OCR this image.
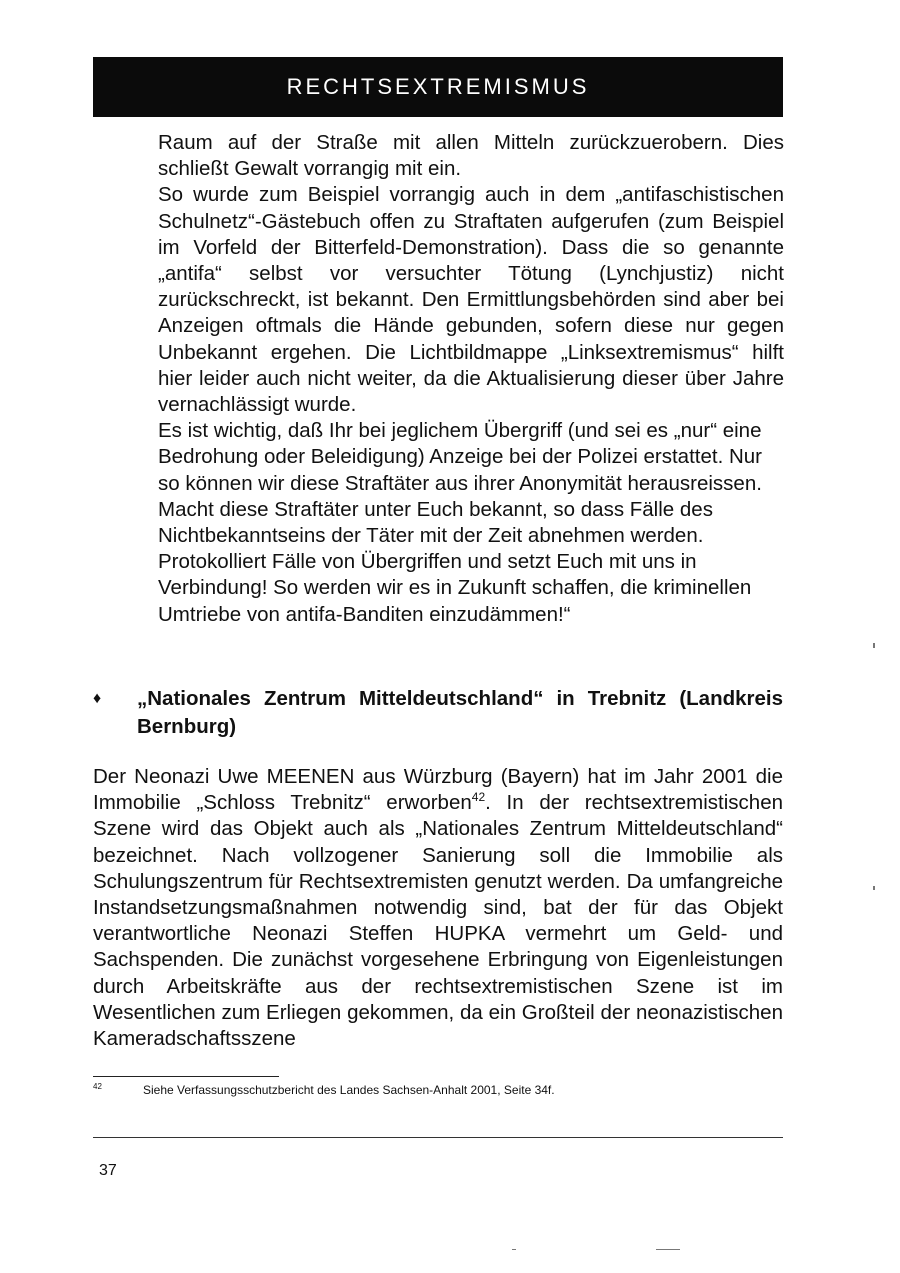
RECHTSEXTREMISMUS

Raum auf der Straße mit allen Mitteln zurückzuerobern. Dies schließt Gewalt vorrangig mit ein.

So wurde zum Beispiel vorrangig auch in dem „antifaschistischen Schulnetz“-Gästebuch offen zu Straftaten aufgerufen (zum Beispiel im Vorfeld der Bitterfeld-Demonstration). Dass die so genannte „antifa“ selbst vor versuchter Tötung (Lynchjustiz) nicht zurückschreckt, ist bekannt. Den Ermittlungsbehörden sind aber bei Anzeigen oftmals die Hände gebunden, sofern diese nur gegen Unbekannt ergehen. Die Lichtbildmappe „Linksextremismus“ hilft hier leider auch nicht weiter, da die Aktualisierung dieser über Jahre vernachlässigt wurde.

Es ist wichtig, daß Ihr bei jeglichem Übergriff (und sei es „nur“ eine Bedrohung oder Beleidigung) Anzeige bei der Polizei erstattet. Nur so können wir diese Straftäter aus ihrer Anonymität herausreissen. Macht diese Straftäter unter Euch bekannt, so dass Fälle des Nichtbekanntseins der Täter mit der Zeit abnehmen werden. Protokolliert Fälle von Übergriffen und setzt Euch mit uns in Verbindung! So werden wir es in Zukunft schaffen, die kriminellen Umtriebe von antifa-Banditen einzudämmen!“

♦ „Nationales Zentrum Mitteldeutschland“ in Trebnitz (Landkreis Bernburg)

Der Neonazi Uwe MEENEN aus Würzburg (Bayern) hat im Jahr 2001 die Immobilie „Schloss Trebnitz“ erworben$^{42}$. In der rechtsextremistischen Szene wird das Objekt auch als „Nationales Zentrum Mitteldeutschland“ bezeichnet. Nach vollzogener Sanierung soll die Immobilie als Schulungszentrum für Rechtsextremisten genutzt werden. Da umfangreiche Instandsetzungsmaßnahmen notwendig sind, bat der für das Objekt verantwortliche Neonazi Steffen HUPKA vermehrt um Geld- und Sachspenden. Die zunächst vorgesehene Erbringung von Eigenleistungen durch Arbeitskräfte aus der rechtsextremistischen Szene ist im Wesentlichen zum Erliegen gekommen, da ein Großteil der neonazistischen Kameradschaftsszene

42	Siehe Verfassungsschutzbericht des Landes Sachsen-Anhalt 2001, Seite 34f.
37
